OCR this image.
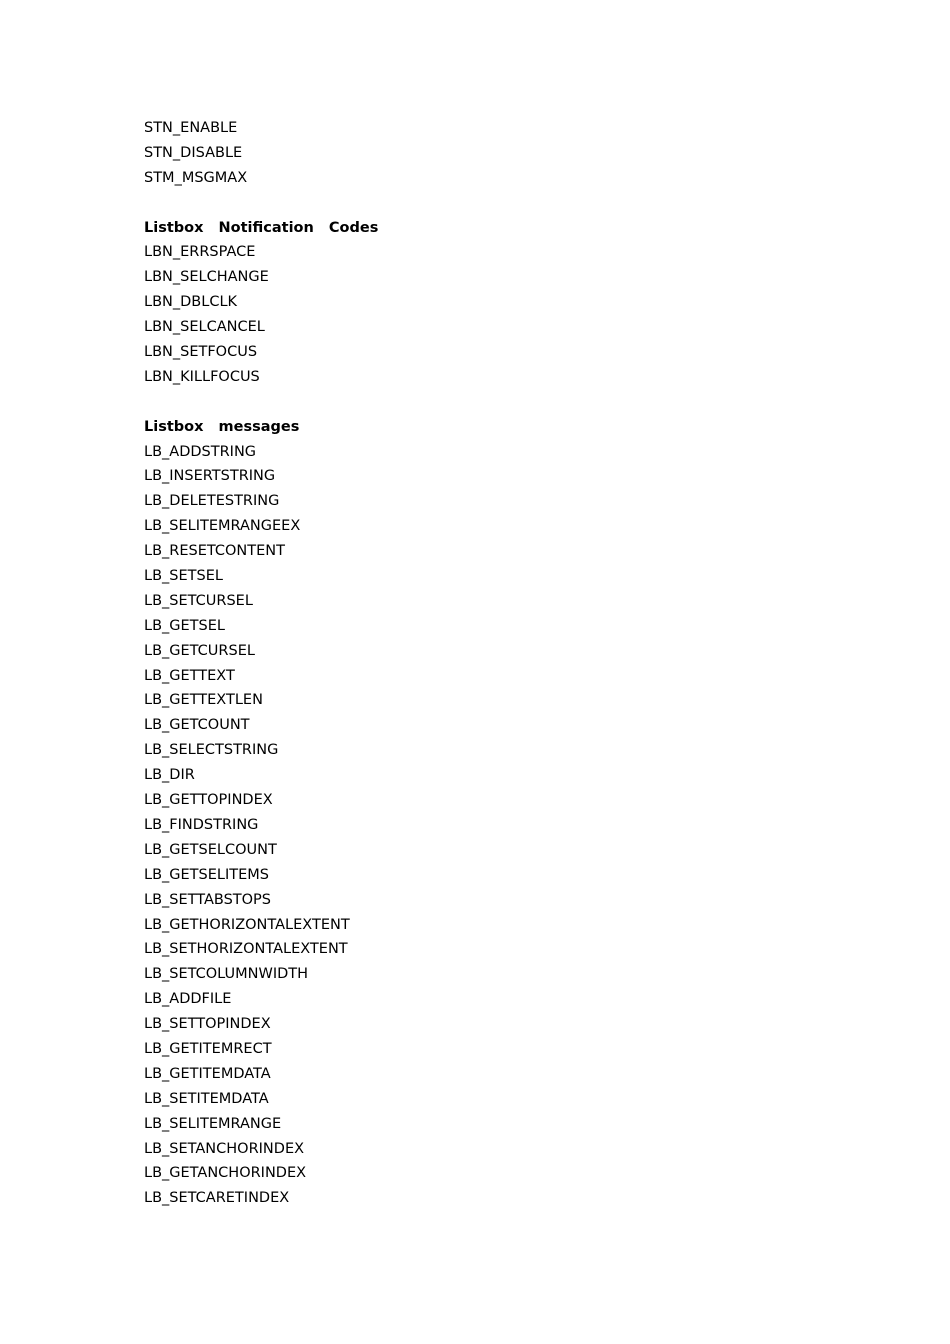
STN_ENABLE

STN_DISABLE

STM_MSGMAX

Listbox Notification Codes

LBN_ERRSPACE

LBN_SELCHANGE

LBN_DBLCLK

LBN_SELCANCEL

LBN_SETFOCUS

LBN_KILLFOCUS

Listbox messages

LB_ADDSTRING

LB_INSERTSTRING

LB_DELETESTRING

LB_SELITEMRANGEEX

LB_RESETCONTENT

LB_SETSEL

LB_SETCURSEL

LB_GETSEL

LB_GETCURSEL

LB_GETTEXT

LB_GETTEXTLEN

LB_GETCOUNT

LB_SELECTSTRING

LB_DIR

LB_GETTOPINDEX

LB_FINDSTRING

LB_GETSELCOUNT

LB_GETSELITEMS

LB_SETTABSTOPS

LB_GETHORIZONTALEXTENT

LB_SETHORIZONTALEXTENT

LB_SETCOLUMNWIDTH

LB_ADDFILE

LB_SETTOPINDEX

LB_GETITEMRECT

LB_GETITEMDATA

LB_SETITEMDATA

LB_SELITEMRANGE

LB_SETANCHORINDEX

LB_GETANCHORINDEX

LB_SETCARETINDEX
